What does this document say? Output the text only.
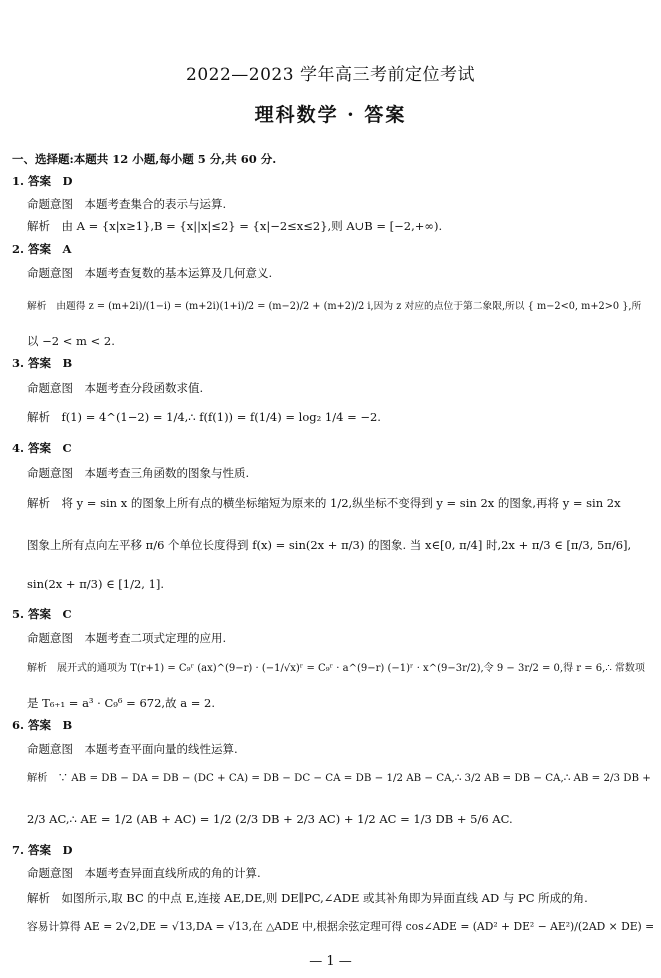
2022—2023 学年高三考前定位考试
理科数学 · 答案
一、选择题:本题共 12 小题,每小题 5 分,共 60 分.
1. 答案　D
命题意图　本题考查集合的表示与运算.
解析　由 A = {x|x≥1},B = {x||x|≤2} = {x|−2≤x≤2},则 A∪B = [−2,+∞).
2. 答案　A
命题意图　本题考查复数的基本运算及几何意义.
解析　由题得 z = (m+2i)/(1−i) = (m+2i)(1+i)/2 = (m−2)/2 + (m+2)/2 i,因为 z 对应的点位于第二象限,所以 { m−2<0, m+2>0 },所
以 −2 < m < 2.
3. 答案　B
命题意图　本题考查分段函数求值.
解析　f(1) = 4^(1−2) = 1/4,∴ f(f(1)) = f(1/4) = log₂ 1/4 = −2.
4. 答案　C
命题意图　本题考查三角函数的图象与性质.
解析　将 y = sin x 的图象上所有点的横坐标缩短为原来的 1/2,纵坐标不变得到 y = sin 2x 的图象,再将 y = sin 2x
图象上所有点向左平移 π/6 个单位长度得到 f(x) = sin(2x + π/3) 的图象. 当 x∈[0, π/4] 时,2x + π/3 ∈ [π/3, 5π/6],
sin(2x + π/3) ∈ [1/2, 1].
5. 答案　C
命题意图　本题考查二项式定理的应用.
解析　展开式的通项为 T(r+1) = C₉ʳ (ax)^(9−r) · (−1/√x)ʳ = C₉ʳ · a^(9−r) (−1)ʳ · x^(9−3r/2),令 9 − 3r/2 = 0,得 r = 6,∴ 常数项
是 T₆₊₁ = a³ · C₉⁶ = 672,故 a = 2.
6. 答案　B
命题意图　本题考查平面向量的线性运算.
解析　∵ AB = DB − DA = DB − (DC + CA) = DB − DC − CA = DB − 1/2 AB − CA,∴ 3/2 AB = DB − CA,∴ AB = 2/3 DB +
2/3 AC,∴ AE = 1/2 (AB + AC) = 1/2 (2/3 DB + 2/3 AC) + 1/2 AC = 1/3 DB + 5/6 AC.
7. 答案　D
命题意图　本题考查异面直线所成的角的计算.
解析　如图所示,取 BC 的中点 E,连接 AE,DE,则 DE∥PC,∠ADE 或其补角即为异面直线 AD 与 PC 所成的角.
容易计算得 AE = 2√2,DE = √13,DA = √13,在 △ADE 中,根据余弦定理可得 cos∠ADE = (AD² + DE² − AE²)/(2AD × DE) =
— 1 —
